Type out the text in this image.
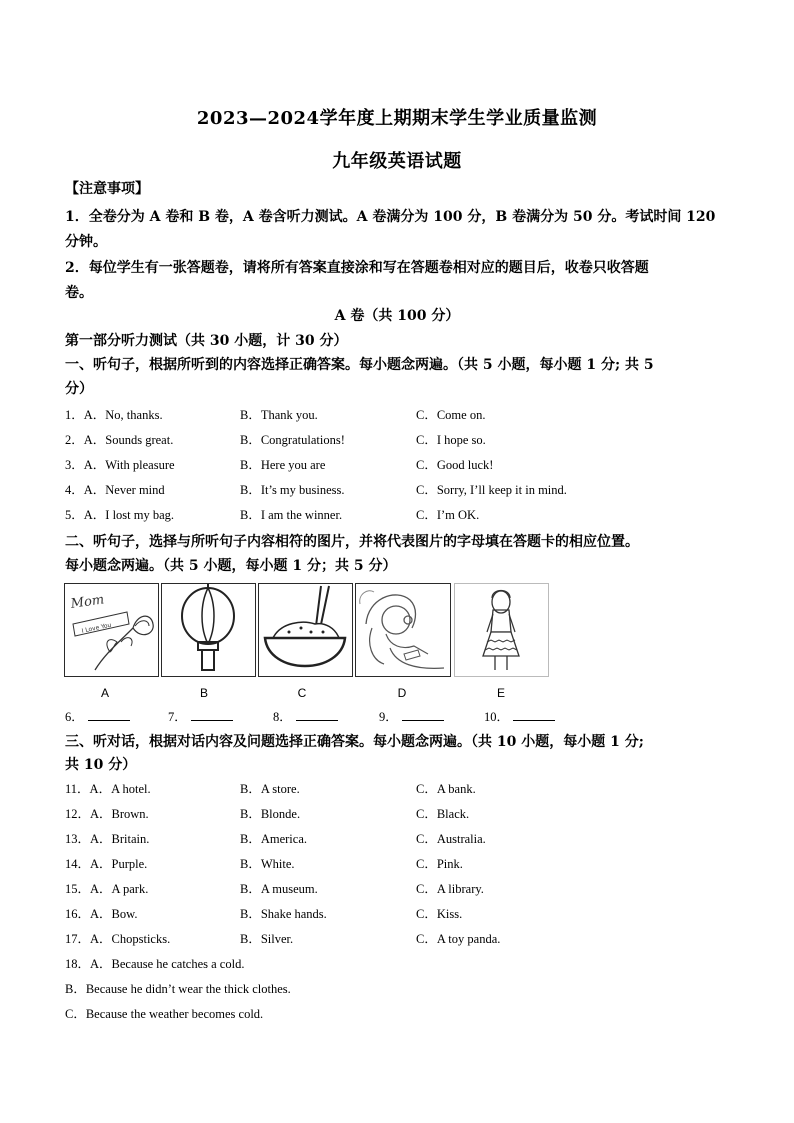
2023—2024学年度上期期末学生学业质量监测
九年级英语试题
【注意事项】
1．全卷分为 A 卷和 B 卷，A 卷含听力测试。A 卷满分为 100 分，B 卷满分为 50 分。考试时间 120
分钟。
2．每位学生有一张答题卷，请将所有答案直接涂和写在答题卷相对应的题目后，收卷只收答题
卷。
A 卷（共 100 分）
第一部分听力测试（共 30 小题，计 30 分）
一、听句子，根据所听到的内容选择正确答案。每小题念两遍。（共 5 小题，每小题 1 分; 共 5
分）
1．A．No, thanks.	B．Thank you.	C．Come on.
2．A．Sounds great.	B．Congratulations!	C．I hope so.
3．A．With pleasure	B．Here you are	C．Good luck!
4．A．Never mind	B．It’s my business.	C．Sorry, I’ll keep it in mind.
5．A．I lost my bag.	B．I am the winner.	C．I’m OK.
二、听句子，选择与所听句子内容相符的图片，并将代表图片的字母填在答题卡的相应位置。
每小题念两遍。（共 5 小题，每小题 1 分；共 5 分）
Mom
I Love You
A	B	C	D	E
6．	7．	8．	9．	10．
三、听对话，根据对话内容及问题选择正确答案。每小题念两遍。（共 10 小题，每小题 1 分;
共 10 分）
11．A．A hotel.	B．A store.	C．A bank.
12．A．Brown.	B．Blonde.	C．Black.
13．A．Britain.	B．America.	C．Australia.
14．A．Purple.	B．White.	C．Pink.
15．A．A park.	B．A museum.	C．A library.
16．A．Bow.	B．Shake hands.	C．Kiss.
17．A．Chopsticks.	B．Silver.	C．A toy panda.
18．A．Because he catches a cold.
B．Because he didn’t wear the thick clothes.
C．Because the weather becomes cold.
